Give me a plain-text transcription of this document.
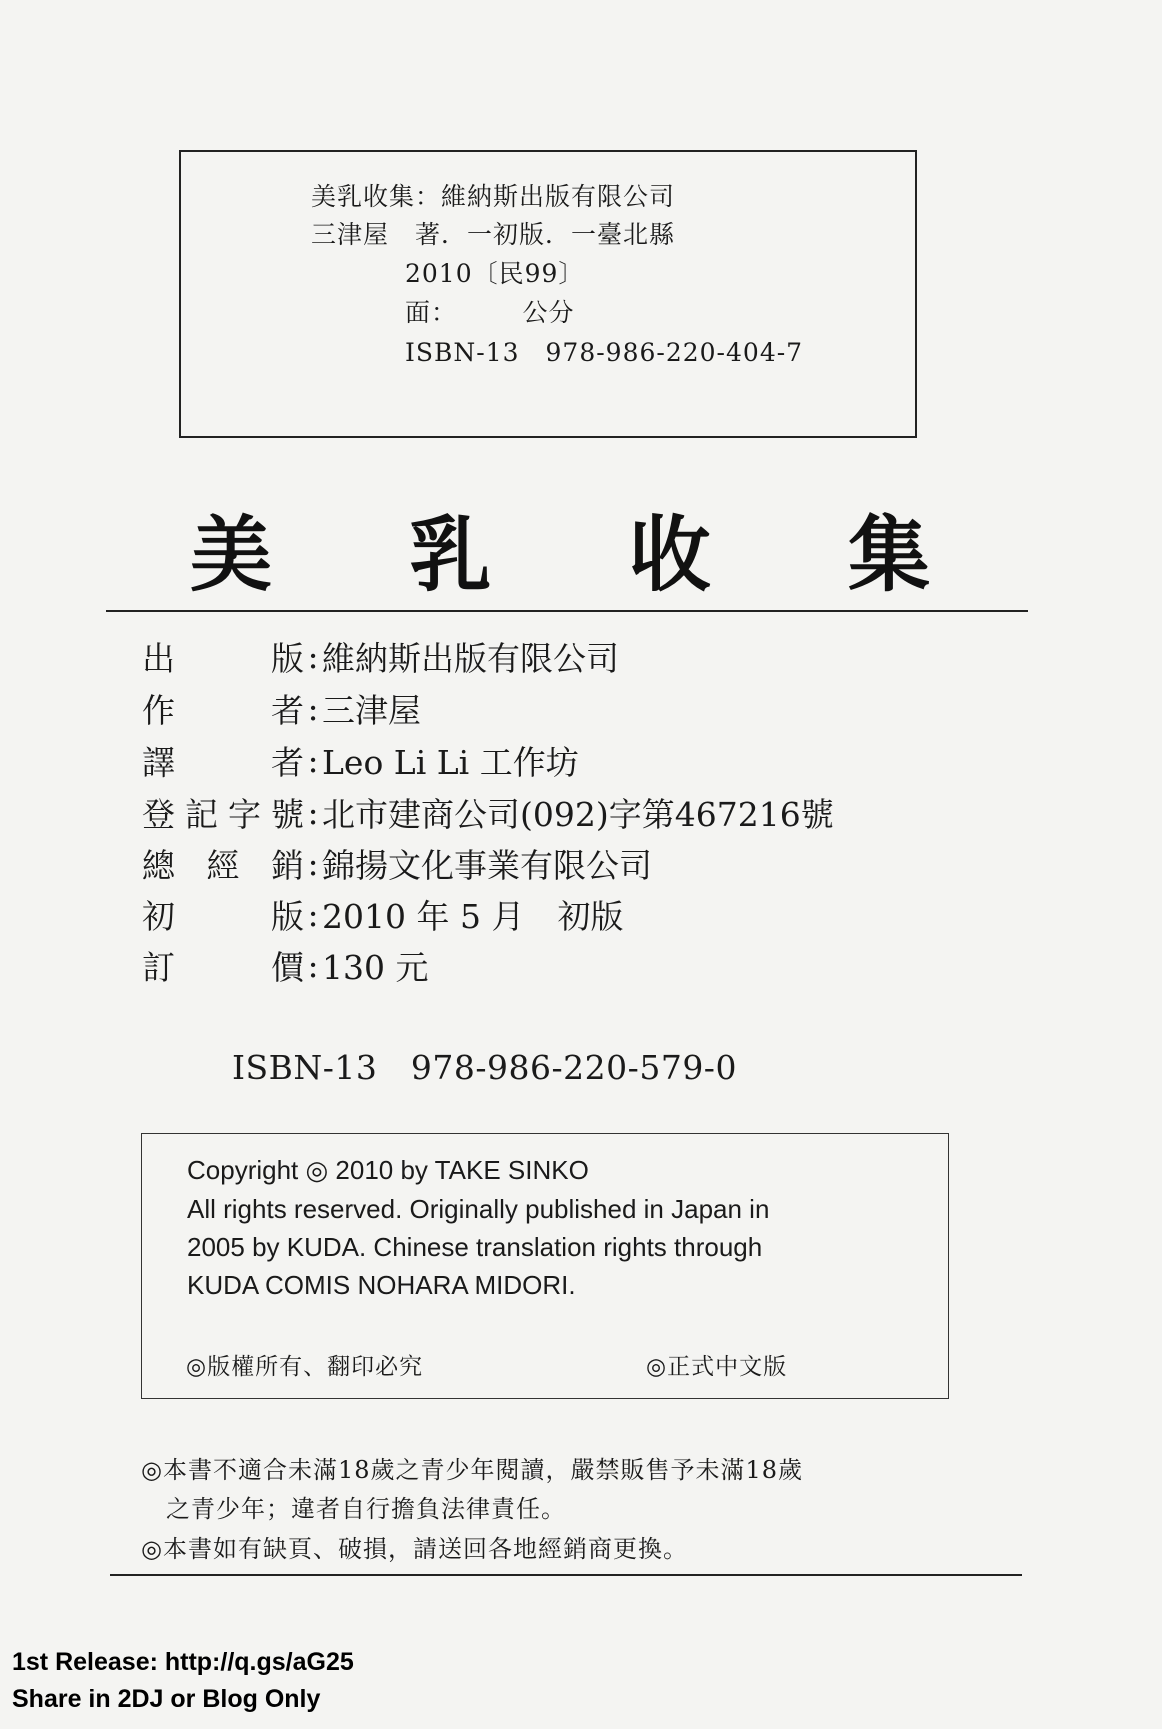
美乳收集：維納斯出版有限公司
三津屋　著．一初版．一臺北縣
2010〔民99〕
面：　　　公分
ISBN-13　978-986-220-404-7
美 乳 收 集
出	版 : 維納斯出版有限公司
作	者 : 三津屋
譯	者 : Leo Li Li 工作坊
登 記 字 號 : 北市建商公司(092)字第467216號
總 經 銷 : 錦揚文化事業有限公司
初	版 : 2010 年 5 月　初版
訂	價 : 130 元
ISBN-13　978-986-220-579-0
Copyright ◎ 2010 by TAKE SINKO
All rights reserved. Originally published in Japan in
2005 by KUDA. Chinese translation rights through
KUDA COMIS NOHARA MIDORI.
◎版權所有、翻印必究	◎正式中文版
◎本書不適合未滿18歲之青少年閱讀，嚴禁販售予未滿18歲
　之青少年；違者自行擔負法律責任。
◎本書如有缺頁、破損，請送回各地經銷商更換。
1st Release: http://q.gs/aG25
Share in 2DJ or Blog Only
